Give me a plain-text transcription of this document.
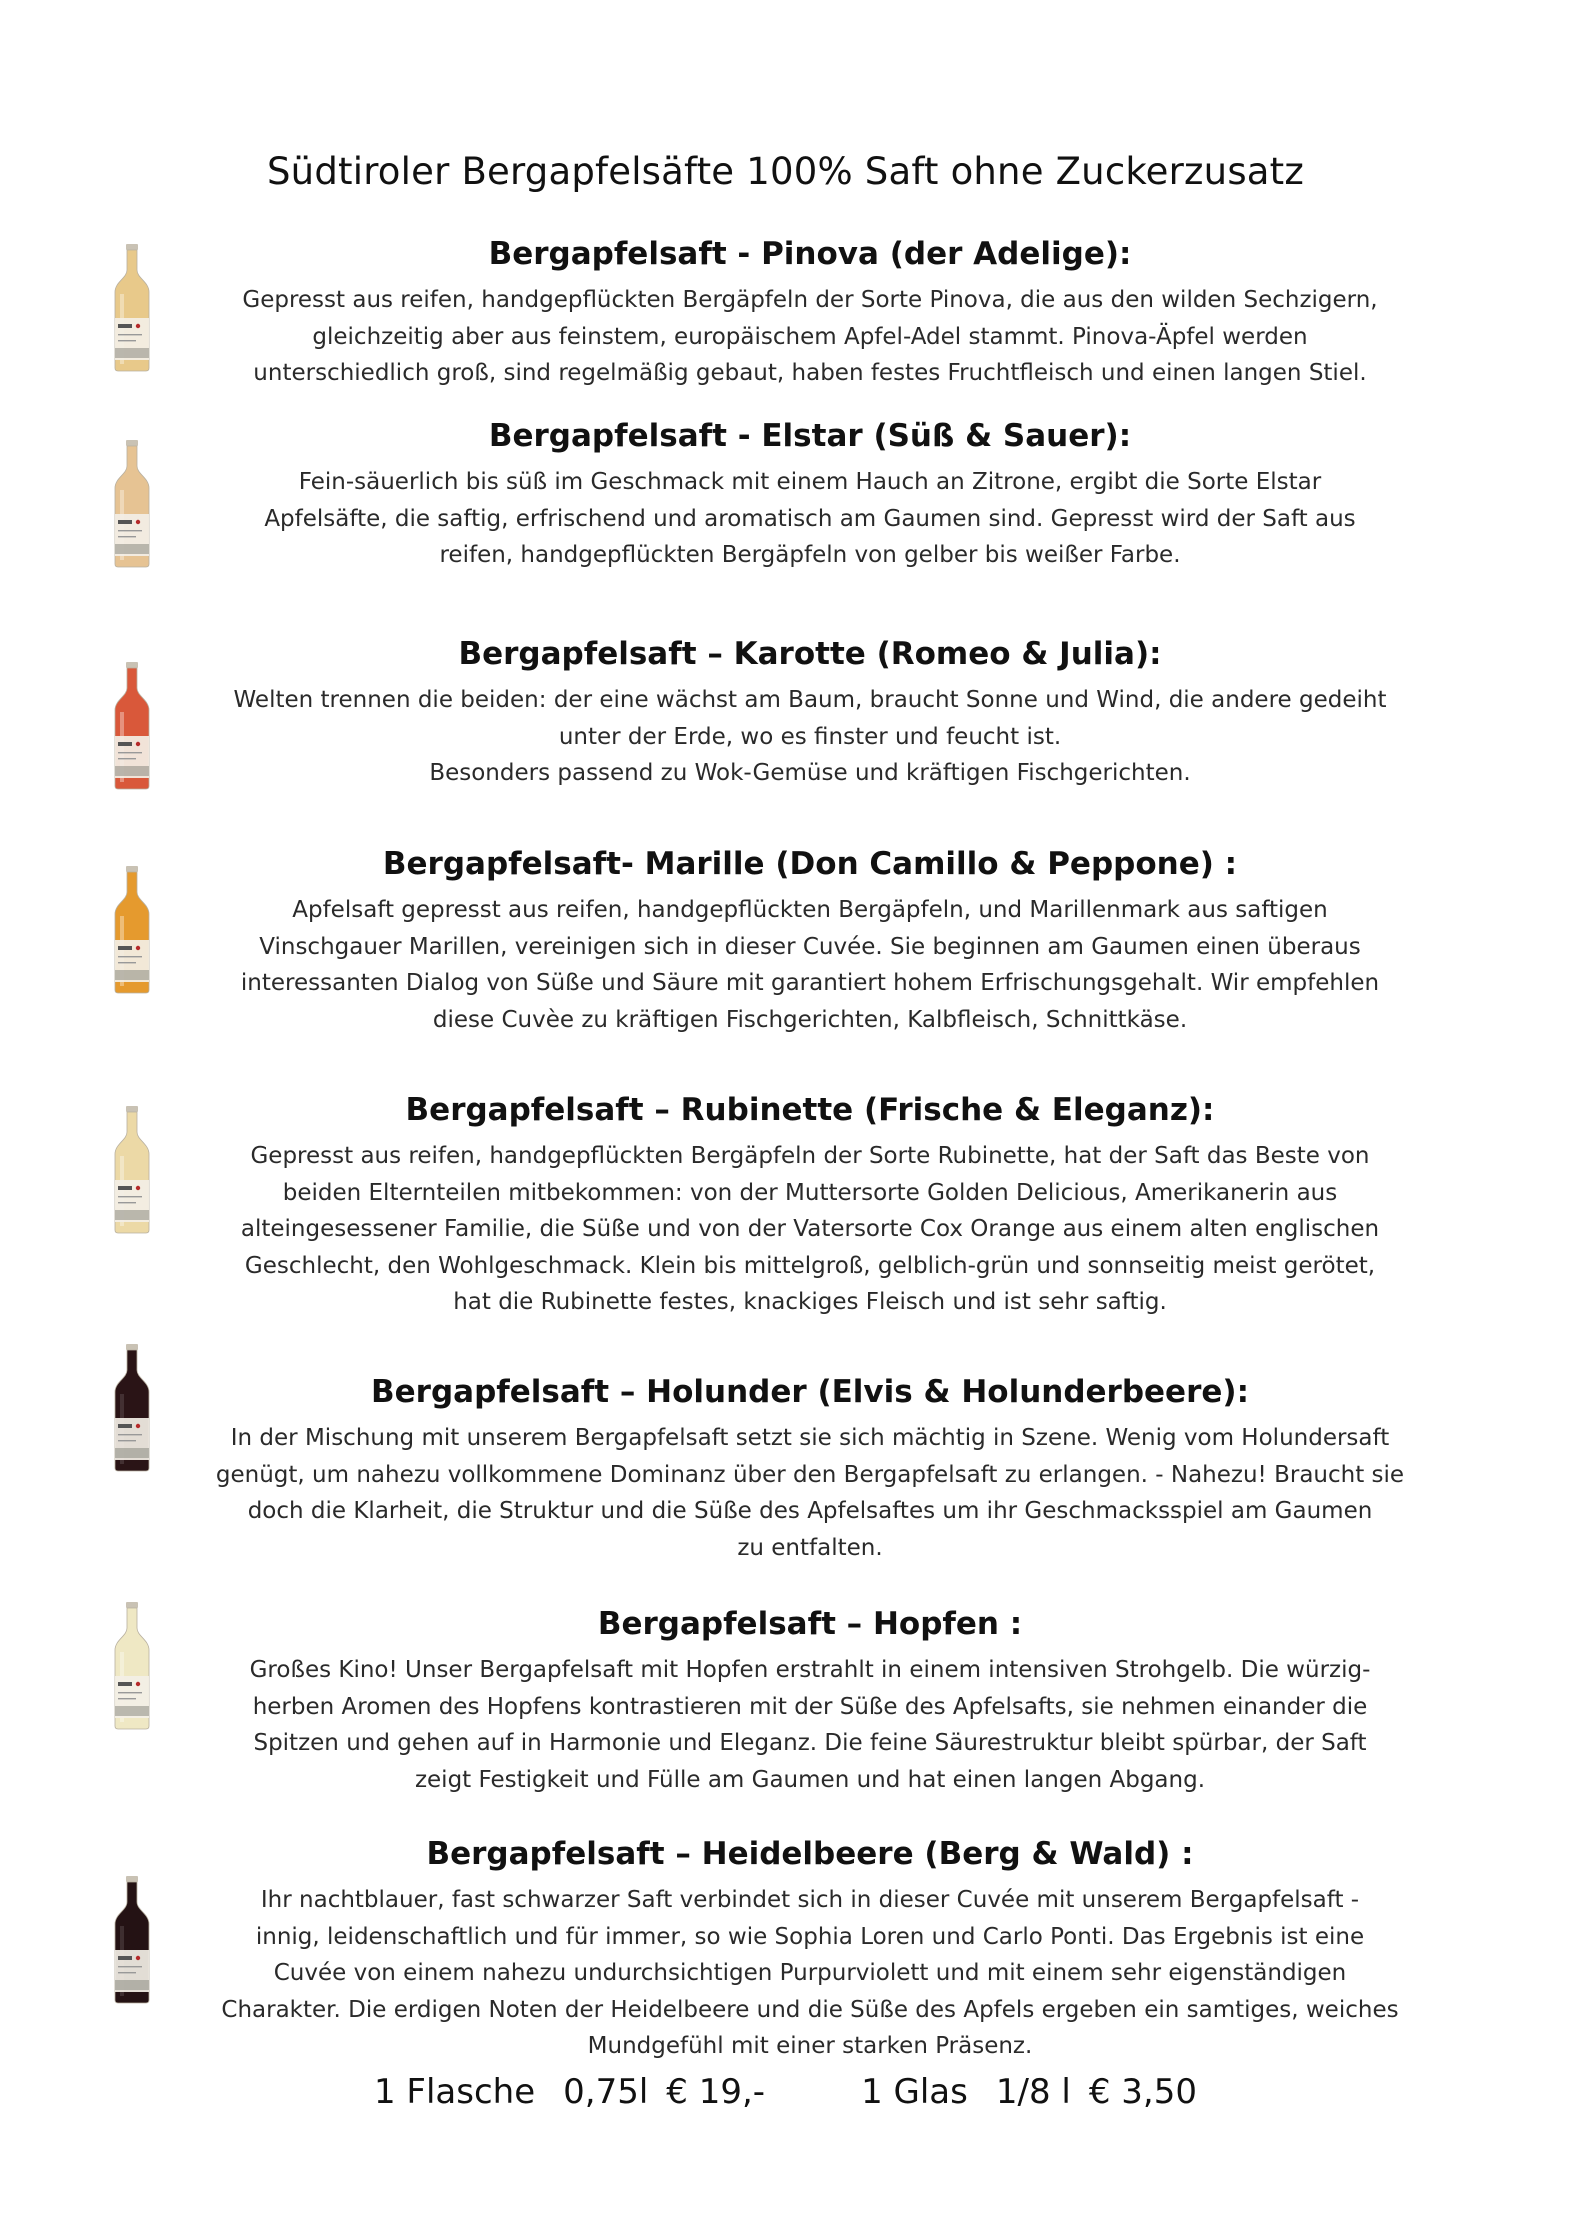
Südtiroler Bergapfelsäfte 100% Saft ohne Zuckerzusatz
Bergapfelsaft - Pinova (der Adelige):
Gepresst aus reifen, handgepflückten Bergäpfeln der Sorte Pinova, die aus den wilden Sechzigern,
gleichzeitig aber aus feinstem, europäischem Apfel-Adel stammt. Pinova-Äpfel werden
unterschiedlich groß, sind regelmäßig gebaut, haben festes Fruchtfleisch und einen langen Stiel.
Bergapfelsaft - Elstar (Süß & Sauer):
Fein-säuerlich bis süß im Geschmack mit einem Hauch an Zitrone, ergibt die Sorte Elstar
Apfelsäfte, die saftig, erfrischend und aromatisch am Gaumen sind. Gepresst wird der Saft aus
reifen, handgepflückten Bergäpfeln von gelber bis weißer Farbe.
Bergapfelsaft – Karotte (Romeo & Julia):
Welten trennen die beiden: der eine wächst am Baum, braucht Sonne und Wind, die andere gedeiht
unter der Erde, wo es finster und feucht ist.
Besonders passend zu Wok-Gemüse und kräftigen Fischgerichten.
Bergapfelsaft- Marille (Don Camillo & Peppone) :
Apfelsaft gepresst aus reifen, handgepflückten Bergäpfeln, und Marillenmark aus saftigen
Vinschgauer Marillen, vereinigen sich in dieser Cuvée. Sie beginnen am Gaumen einen überaus
interessanten Dialog von Süße und Säure mit garantiert hohem Erfrischungsgehalt. Wir empfehlen
diese Cuvèe zu kräftigen Fischgerichten, Kalbfleisch, Schnittkäse.
Bergapfelsaft – Rubinette (Frische & Eleganz):
Gepresst aus reifen, handgepflückten Bergäpfeln der Sorte Rubinette, hat der Saft das Beste von
beiden Elternteilen mitbekommen: von der Muttersorte Golden Delicious, Amerikanerin aus
alteingesessener Familie, die Süße und von der Vatersorte Cox Orange aus einem alten englischen
Geschlecht, den Wohlgeschmack. Klein bis mittelgroß, gelblich-grün und sonnseitig meist gerötet,
hat die Rubinette festes, knackiges Fleisch und ist sehr saftig.
Bergapfelsaft – Holunder (Elvis & Holunderbeere):
In der Mischung mit unserem Bergapfelsaft setzt sie sich mächtig in Szene. Wenig vom Holundersaft
genügt, um nahezu vollkommene Dominanz über den Bergapfelsaft zu erlangen. - Nahezu! Braucht sie
doch die Klarheit, die Struktur und die Süße des Apfelsaftes um ihr Geschmacksspiel am Gaumen
zu entfalten.
Bergapfelsaft – Hopfen :
Großes Kino! Unser Bergapfelsaft mit Hopfen erstrahlt in einem intensiven Strohgelb. Die würzig-
herben Aromen des Hopfens kontrastieren mit der Süße des Apfelsafts, sie nehmen einander die
Spitzen und gehen auf in Harmonie und Eleganz. Die feine Säurestruktur bleibt spürbar, der Saft
zeigt Festigkeit und Fülle am Gaumen und hat einen langen Abgang.
Bergapfelsaft – Heidelbeere (Berg & Wald) :
Ihr nachtblauer, fast schwarzer Saft verbindet sich in dieser Cuvée mit unserem Bergapfelsaft -
innig, leidenschaftlich und für immer, so wie Sophia Loren und Carlo Ponti. Das Ergebnis ist eine
Cuvée von einem nahezu undurchsichtigen Purpurviolett und mit einem sehr eigenständigen
Charakter. Die erdigen Noten der Heidelbeere und die Süße des Apfels ergeben ein samtiges, weiches
Mundgefühl mit einer starken Präsenz.
1 Flasche 0,75l € 19,-	1 Glas 1/8 l € 3,50
